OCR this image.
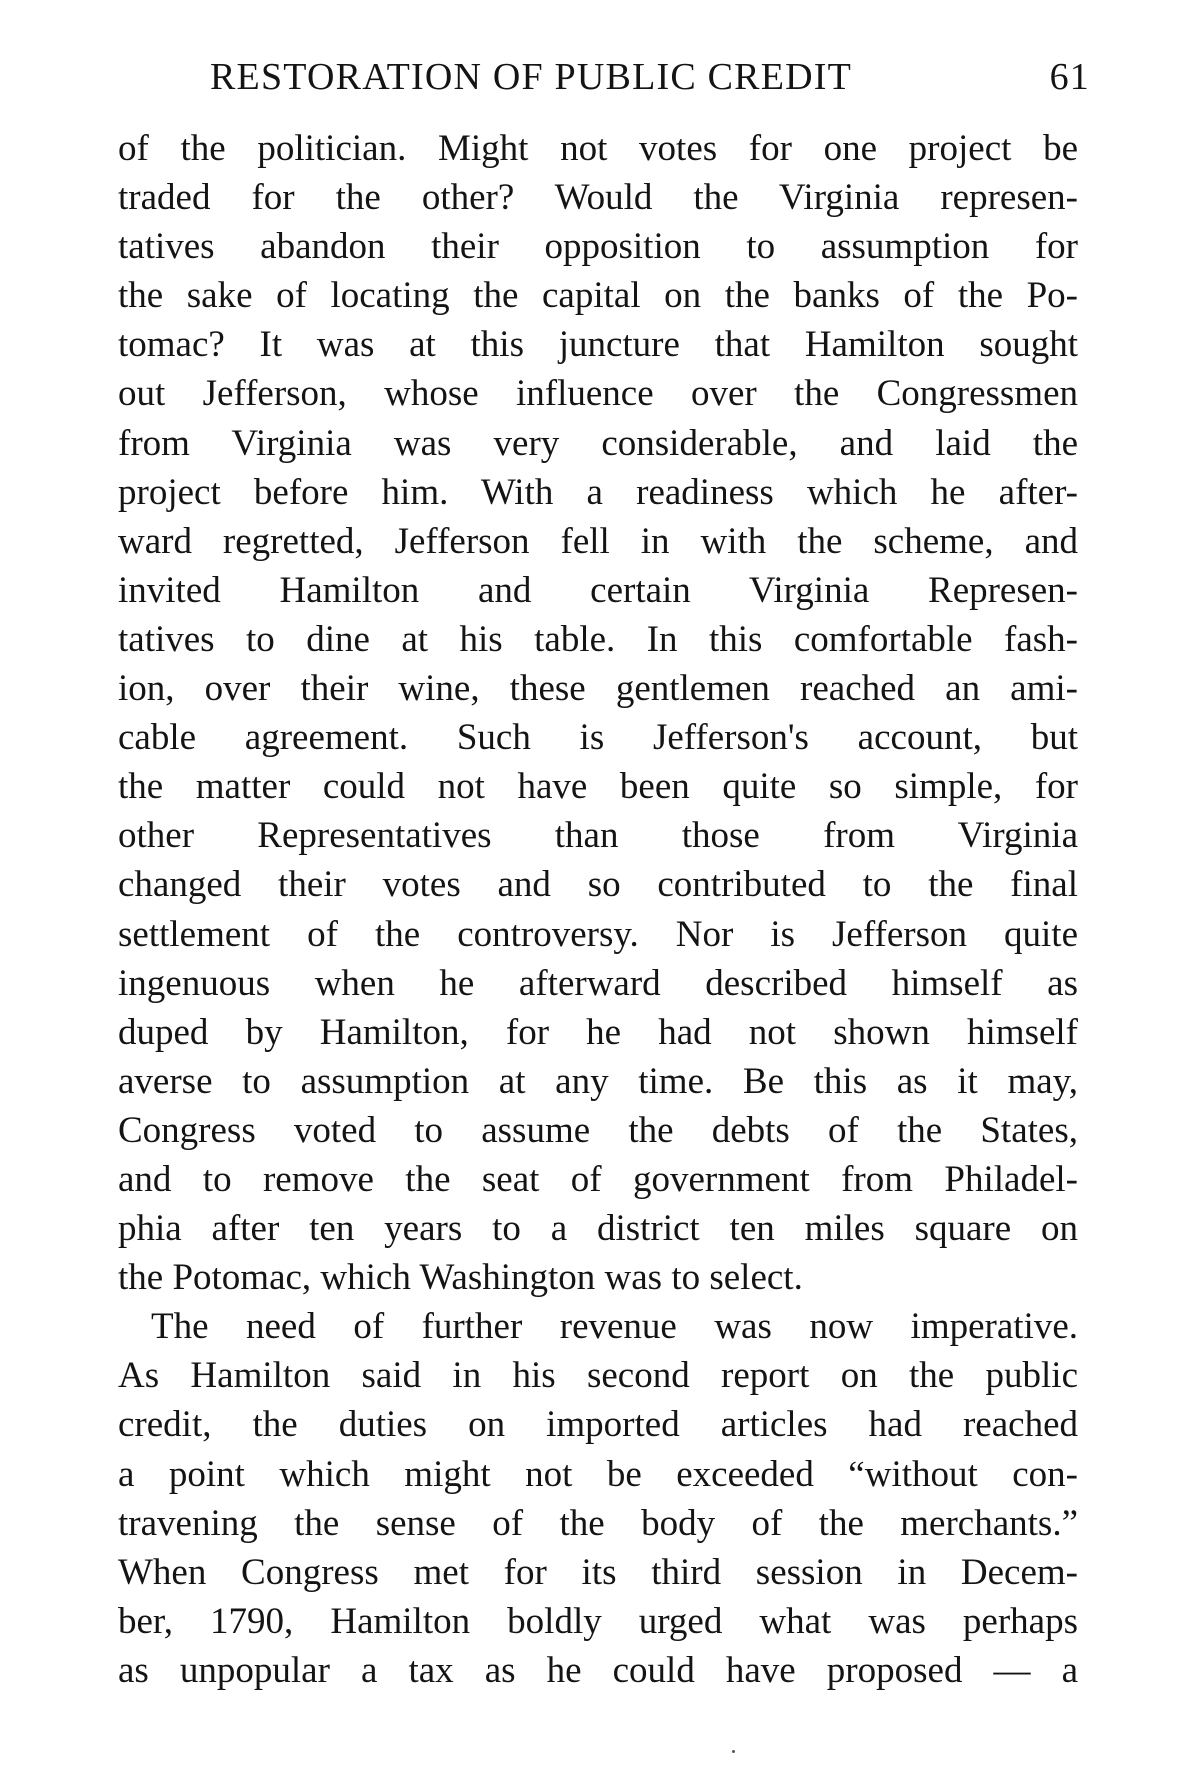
RESTORATION OF PUBLIC CREDIT	61
of the politician. Might not votes for one project be
traded for the other? Would the Virginia represen-
tatives abandon their opposition to assumption for
the sake of locating the capital on the banks of the Po-
tomac? It was at this juncture that Hamilton sought
out Jefferson, whose influence over the Congressmen
from Virginia was very considerable, and laid the
project before him. With a readiness which he after-
ward regretted, Jefferson fell in with the scheme, and
invited Hamilton and certain Virginia Represen-
tatives to dine at his table. In this comfortable fash-
ion, over their wine, these gentlemen reached an ami-
cable agreement. Such is Jefferson's account, but
the matter could not have been quite so simple, for
other Representatives than those from Virginia
changed their votes and so contributed to the final
settlement of the controversy. Nor is Jefferson quite
ingenuous when he afterward described himself as
duped by Hamilton, for he had not shown himself
averse to assumption at any time. Be this as it may,
Congress voted to assume the debts of the States,
and to remove the seat of government from Philadel-
phia after ten years to a district ten miles square on
the Potomac, which Washington was to select.
The need of further revenue was now imperative.
As Hamilton said in his second report on the public
credit, the duties on imported articles had reached
a point which might not be exceeded “without con-
travening the sense of the body of the merchants.”
When Congress met for its third session in Decem-
ber, 1790, Hamilton boldly urged what was perhaps
as unpopular a tax as he could have proposed — a
